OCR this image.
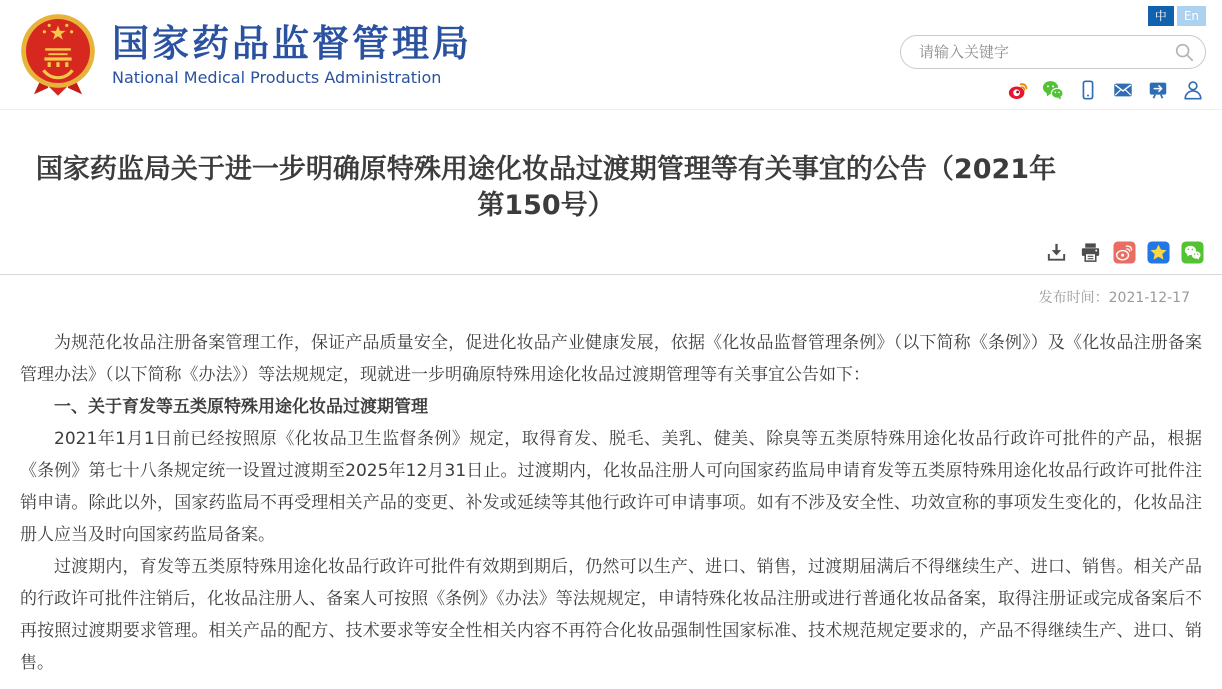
国家药品监督管理局
National Medical Products Administration
中	En
请输入关键字
国家药监局关于进一步明确原特殊用途化妆品过渡期管理等有关事宜的公告（2021年 第150号）
发布时间：2021-12-17

为规范化妆品注册备案管理工作，保证产品质量安全，促进化妆品产业健康发展，依据《化妆品监督管理条例》（以下简称《条例》）及《化妆品注册备案管理办法》（以下简称《办法》）等法规规定，现就进一步明确原特殊用途化妆品过渡期管理等有关事宜公告如下：

一、关于育发等五类原特殊用途化妆品过渡期管理

2021年1月1日前已经按照原《化妆品卫生监督条例》规定，取得育发、脱毛、美乳、健美、除臭等五类原特殊用途化妆品行政许可批件的产品，根据《条例》第七十八条规定统一设置过渡期至2025年12月31日止。过渡期内，化妆品注册人可向国家药监局申请育发等五类原特殊用途化妆品行政许可批件注销申请。除此以外，国家药监局不再受理相关产品的变更、补发或延续等其他行政许可申请事项。如有不涉及安全性、功效宣称的事项发生变化的，化妆品注册人应当及时向国家药监局备案。

过渡期内，育发等五类原特殊用途化妆品行政许可批件有效期到期后，仍然可以生产、进口、销售，过渡期届满后不得继续生产、进口、销售。相关产品的行政许可批件注销后，化妆品注册人、备案人可按照《条例》《办法》等法规规定，申请特殊化妆品注册或进行普通化妆品备案，取得注册证或完成备案后不再按照过渡期要求管理。相关产品的配方、技术要求等安全性相关内容不再符合化妆品强制性国家标准、技术规范规定要求的，产品不得继续生产、进口、销售。
